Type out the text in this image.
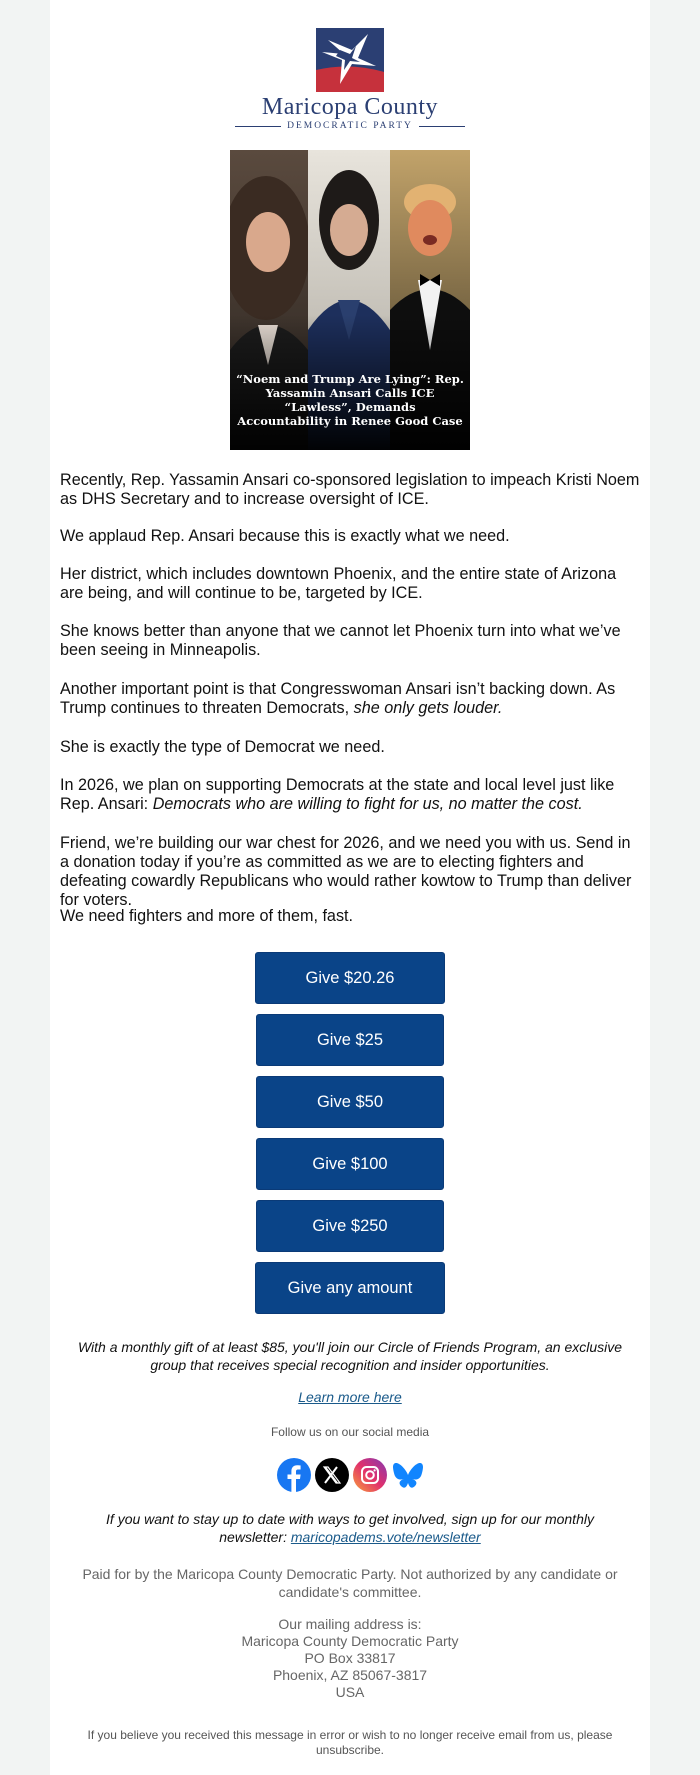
Maricopa County
DEMOCRATIC PARTY
“Noem and Trump Are Lying”: Rep. Yassamin Ansari Calls ICE “Lawless”, Demands Accountability in Renee Good Case

Recently, Rep. Yassamin Ansari co-sponsored legislation to impeach Kristi Noem as DHS Secretary and to increase oversight of ICE.

We applaud Rep. Ansari because this is exactly what we need.

Her district, which includes downtown Phoenix, and the entire state of Arizona are being, and will continue to be, targeted by ICE.

She knows better than anyone that we cannot let Phoenix turn into what we’ve been seeing in Minneapolis.

Another important point is that Congresswoman Ansari isn’t backing down. As Trump continues to threaten Democrats, she only gets louder.

She is exactly the type of Democrat we need.

In 2026, we plan on supporting Democrats at the state and local level just like Rep. Ansari: Democrats who are willing to fight for us, no matter the cost.

Friend, we’re building our war chest for 2026, and we need you with us. Send in a donation today if you’re as committed as we are to electing fighters and defeating cowardly Republicans who would rather kowtow to Trump than deliver for voters.

We need fighters and more of them, fast.

Give $20.26
Give $25
Give $50
Give $100
Give $250
Give any amount
With a monthly gift of at least $85, you'll join our Circle of Friends Program, an exclusive group that receives special recognition and insider opportunities.
Learn more here
Follow us on our social media
If you want to stay up to date with ways to get involved, sign up for our monthly newsletter: maricopadems.vote/newsletter
Paid for by the Maricopa County Democratic Party. Not authorized by any candidate or candidate's committee.
Our mailing address is:
Maricopa County Democratic Party
PO Box 33817
Phoenix, AZ 85067-3817
USA
If you believe you received this message in error or wish to no longer receive email from us, please unsubscribe.
